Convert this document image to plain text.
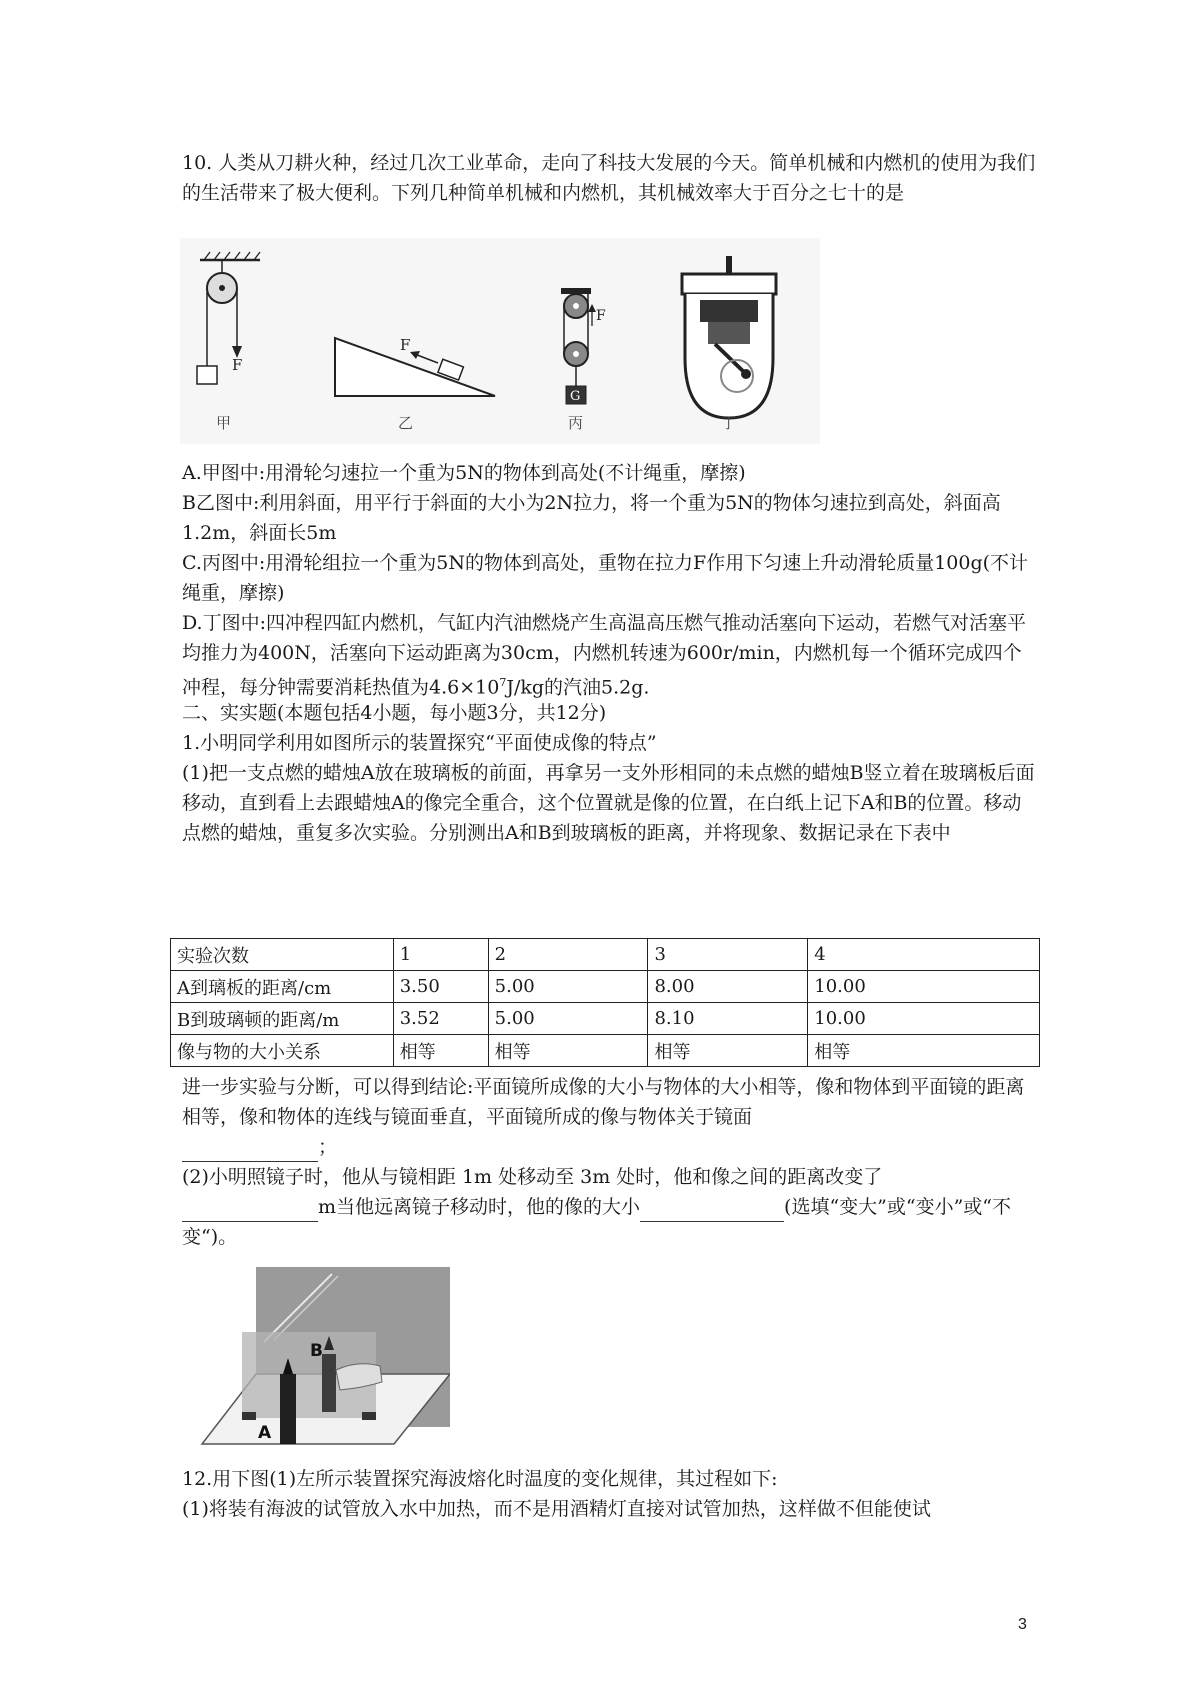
10. 人类从刀耕火种，经过几次工业革命，走向了科技大发展的今天。简单机械和内燃机的使用为我们的生活带来了极大便利。下列几种简单机械和内燃机，其机械效率大于百分之七十的是

F
甲
F
乙
F
G
丙	丁

A.甲图中:用滑轮匀速拉一个重为5N的物体到高处(不计绳重，摩擦)

B乙图中:利用斜面，用平行于斜面的大小为2N拉力，将一个重为5N的物体匀速拉到高处，斜面高1.2m，斜面长5m

C.丙图中:用滑轮组拉一个重为5N的物体到高处，重物在拉力F作用下匀速上升动滑轮质量100g(不计绳重，摩擦)

D.丁图中:四冲程四缸内燃机，气缸内汽油燃烧产生高温高压燃气推动活塞向下运动，若燃气对活塞平均推力为400N，活塞向下运动距离为30cm，内燃机转速为600r/min，内燃机每一个循环完成四个冲程，每分钟需要消耗热值为$4.6\times 10^7J/kg$的汽油5.2g.

二、实实题(本题包括4小题，每小题3分，共12分)

1.小明同学利用如图所示的装置探究“平面使成像的特点”

(1)把一支点燃的蜡烛A放在玻璃板的前面，再拿另一支外形相同的未点燃的蜡烛B竖立着在玻璃板后面移动，直到看上去跟蜡烛A的像完全重合，这个位置就是像的位置，在白纸上记下A和B的位置。移动点燃的蜡烛，重复多次实验。分别测出A和B到玻璃板的距离，并将现象、数据记录在下表中

实验次数	1	2	3	4
A到璃板的距离/cm	3.50	5.00	8.00	10.00
B到玻璃顿的距离/m	3.52	5.00	8.10	10.00
像与物的大小关系	相等	相等	相等	相等

进一步实验与分断，可以得到结论:平面镜所成像的大小与物体的大小相等，像和物体到平面镜的距离相等，像和物体的连线与镜面垂直，平面镜所成的像与物体关于镜面
；

(2)小明照镜子时，他从与镜相距 1m 处移动至 3m 处时，他和像之间的距离改变了
m当他远离镜子移动时，他的像的大小	(选填“变大”或“变小”或“不变“)。

B
A

12.用下图(1)左所示装置探究海波熔化时温度的变化规律，其过程如下:

(1)将装有海波的试管放入水中加热，而不是用酒精灯直接对试管加热，这样做不但能使试

3
